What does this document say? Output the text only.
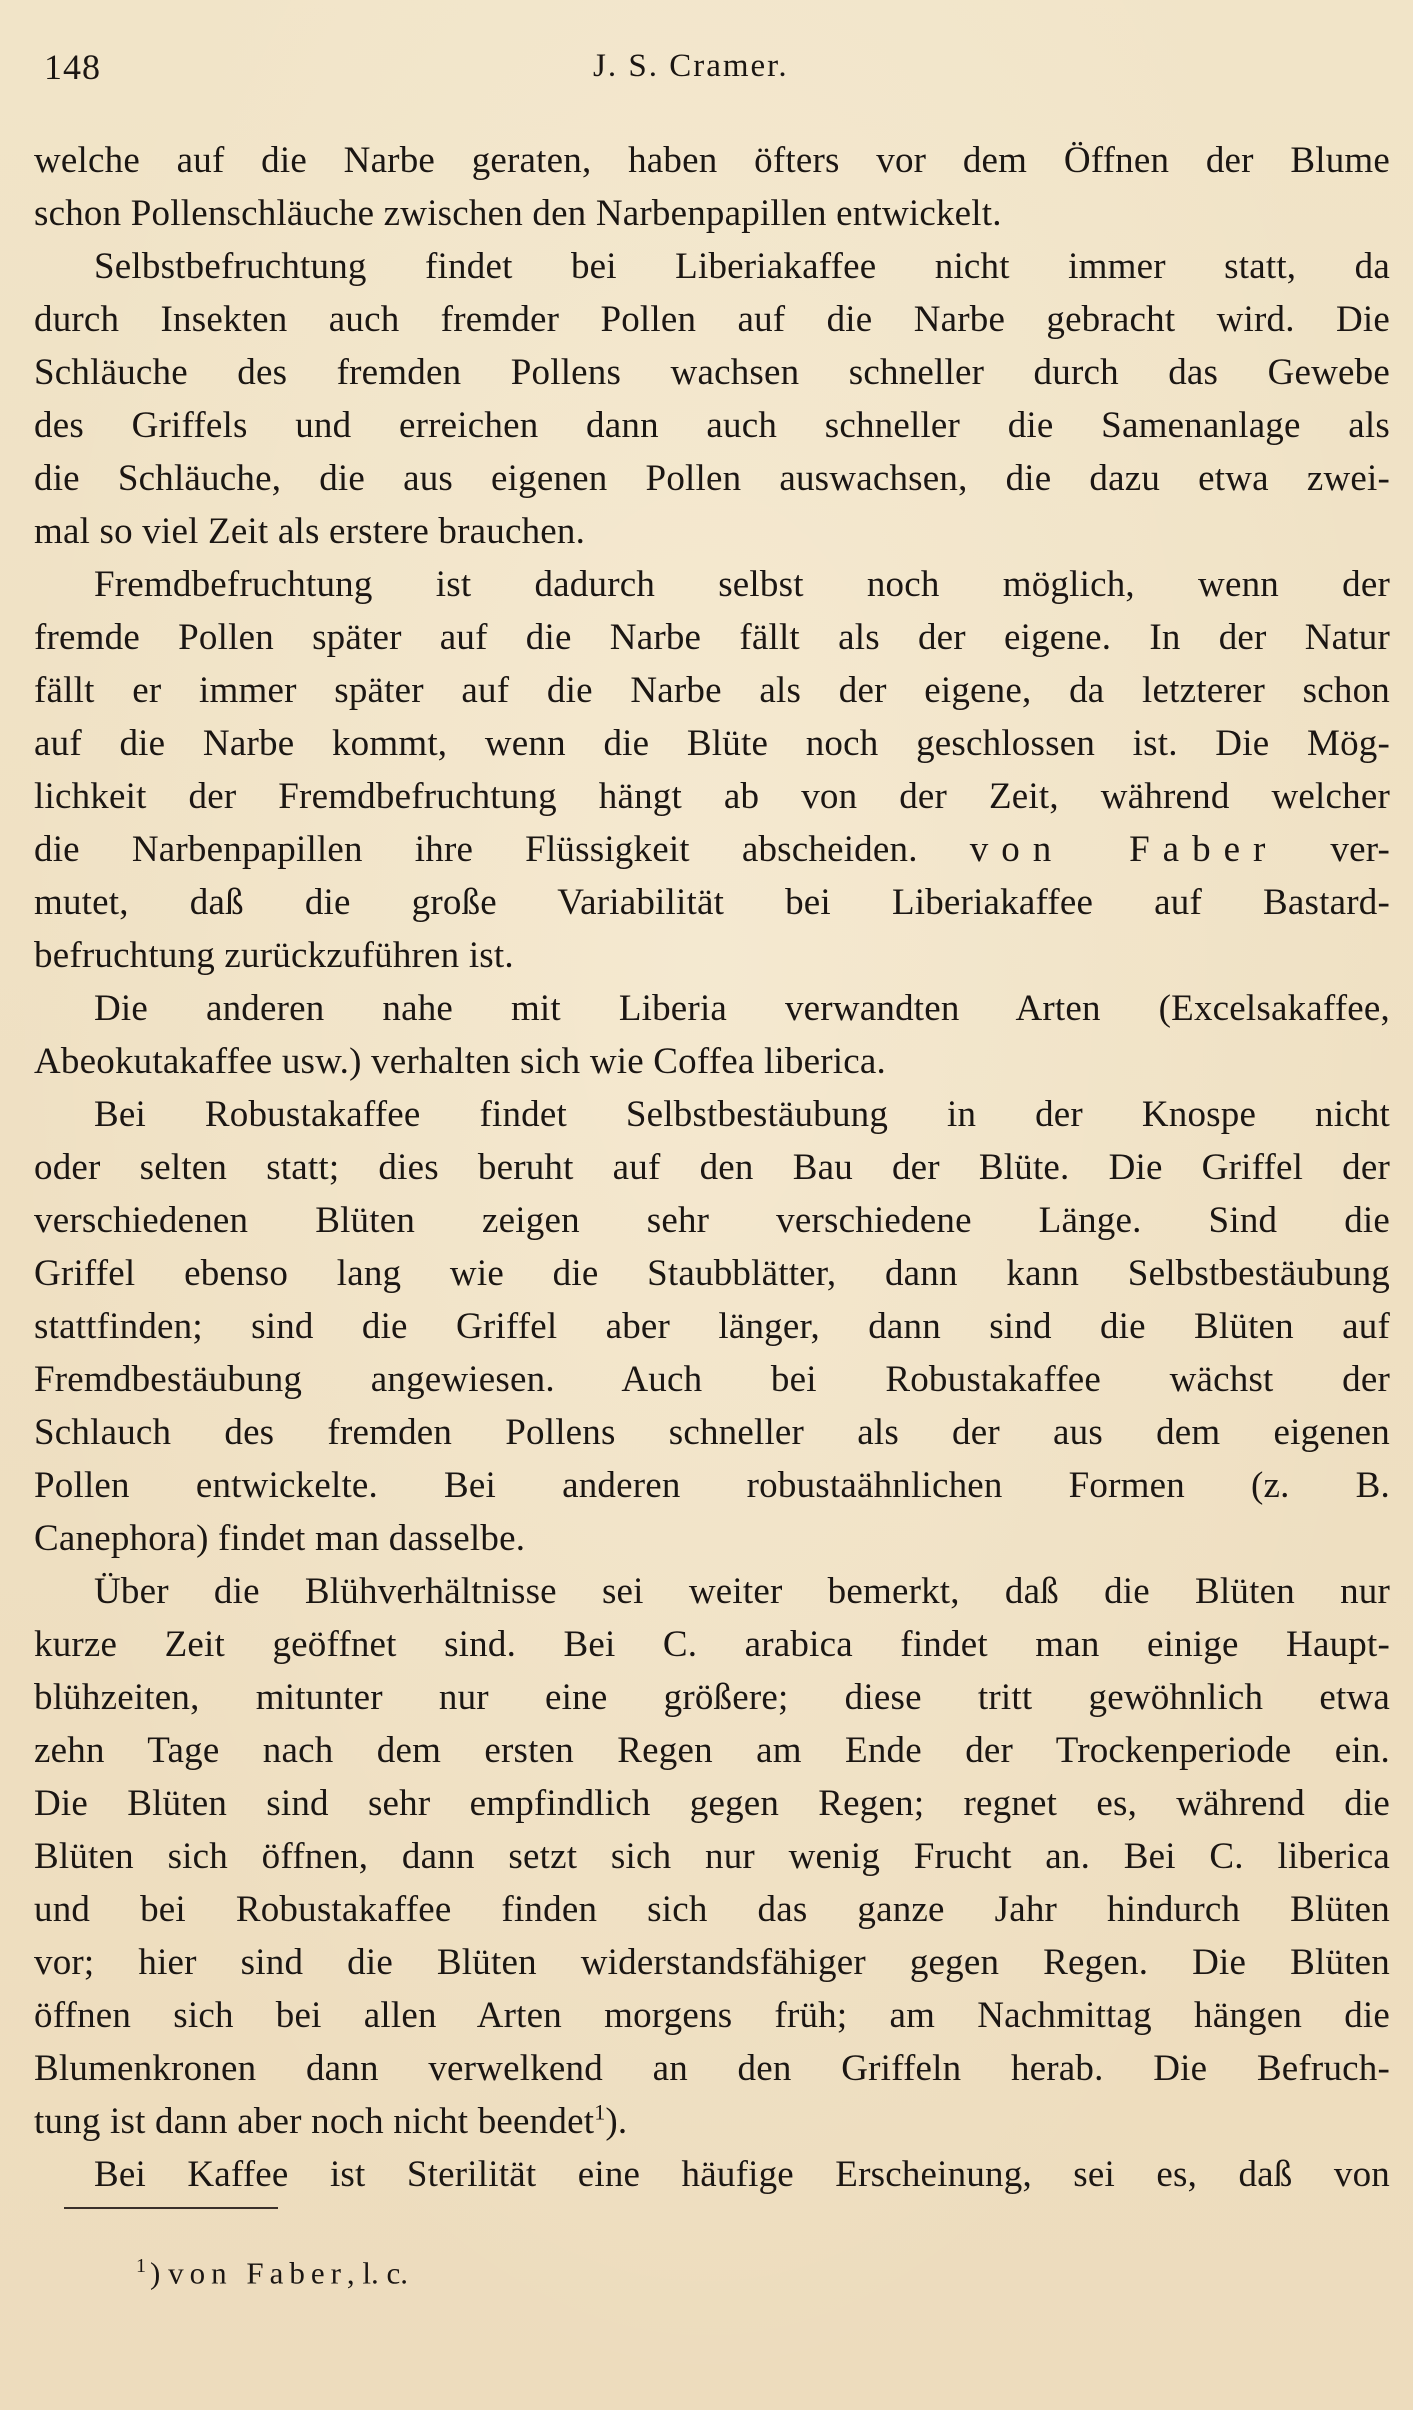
148	J. S. Cramer.
welche auf die Narbe geraten, haben öfters vor dem Öffnen der Blume
schon Pollenschläuche zwischen den Narbenpapillen entwickelt.
Selbstbefruchtung findet bei Liberiakaffee nicht immer statt, da
durch Insekten auch fremder Pollen auf die Narbe gebracht wird. Die
Schläuche des fremden Pollens wachsen schneller durch das Gewebe
des Griffels und erreichen dann auch schneller die Samenanlage als
die Schläuche, die aus eigenen Pollen auswachsen, die dazu etwa zwei-
mal so viel Zeit als erstere brauchen.
Fremdbefruchtung ist dadurch selbst noch möglich, wenn der
fremde Pollen später auf die Narbe fällt als der eigene. In der Natur
fällt er immer später auf die Narbe als der eigene, da letzterer schon
auf die Narbe kommt, wenn die Blüte noch geschlossen ist. Die Mög-
lichkeit der Fremdbefruchtung hängt ab von der Zeit, während welcher
die Narbenpapillen ihre Flüssigkeit abscheiden. von Faber ver-
mutet, daß die große Variabilität bei Liberiakaffee auf Bastard-
befruchtung zurückzuführen ist.
Die anderen nahe mit Liberia verwandten Arten (Excelsakaffee,
Abeokutakaffee usw.) verhalten sich wie Coffea liberica.
Bei Robustakaffee findet Selbstbestäubung in der Knospe nicht
oder selten statt; dies beruht auf den Bau der Blüte. Die Griffel der
verschiedenen Blüten zeigen sehr verschiedene Länge. Sind die
Griffel ebenso lang wie die Staubblätter, dann kann Selbstbestäubung
stattfinden; sind die Griffel aber länger, dann sind die Blüten auf
Fremdbestäubung angewiesen. Auch bei Robustakaffee wächst der
Schlauch des fremden Pollens schneller als der aus dem eigenen
Pollen entwickelte. Bei anderen robustaähnlichen Formen (z. B.
Canephora) findet man dasselbe.
Über die Blühverhältnisse sei weiter bemerkt, daß die Blüten nur
kurze Zeit geöffnet sind. Bei C. arabica findet man einige Haupt-
blühzeiten, mitunter nur eine größere; diese tritt gewöhnlich etwa
zehn Tage nach dem ersten Regen am Ende der Trockenperiode ein.
Die Blüten sind sehr empfindlich gegen Regen; regnet es, während die
Blüten sich öffnen, dann setzt sich nur wenig Frucht an. Bei C. liberica
und bei Robustakaffee finden sich das ganze Jahr hindurch Blüten
vor; hier sind die Blüten widerstandsfähiger gegen Regen. Die Blüten
öffnen sich bei allen Arten morgens früh; am Nachmittag hängen die
Blumenkronen dann verwelkend an den Griffeln herab. Die Befruch-
tung ist dann aber noch nicht beendet$^1$).
Bei Kaffee ist Sterilität eine häufige Erscheinung, sei es, daß von
$^1$ ) von Faber, l. c.
